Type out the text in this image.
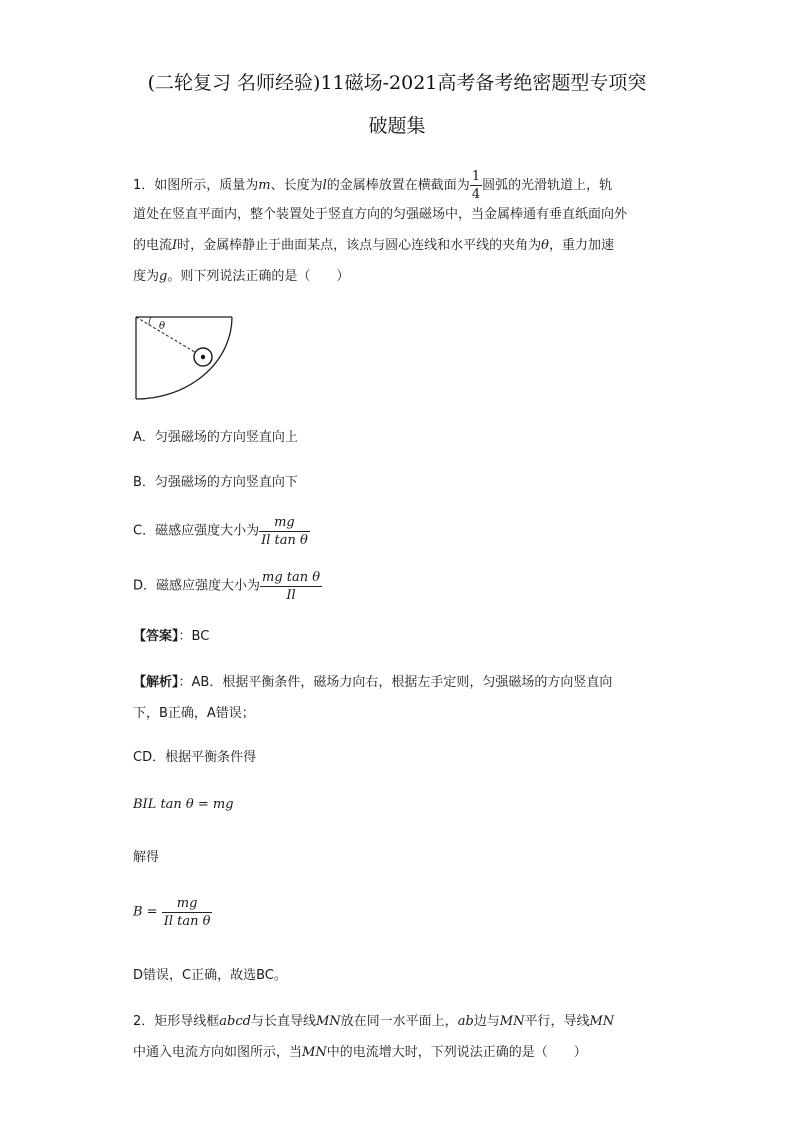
(二轮复习 名师经验)11磁场-2021高考备考绝密题型专项突
破题集
1．如图所示，质量为m、长度为l的金属棒放置在横截面为 $\frac{1}{4}$ 圆弧的光滑轨道上，轨
道处在竖直平面内，整个装置处于竖直方向的匀强磁场中，当金属棒通有垂直纸面向外
的电流I时，金属棒静止于曲面某点，该点与圆心连线和水平线的夹角为θ，重力加速
度为g。则下列说法正确的是（　　）
θ
A．匀强磁场的方向竖直向上
B．匀强磁场的方向竖直向下
C．磁感应强度大小为 $\frac{mg}{\text{Il tan θ}}$
D．磁感应强度大小为 $\frac{\text{mg tan θ}}{Il}$
【答案】：BC
【解析】：AB．根据平衡条件，磁场力向右，根据左手定则，匀强磁场的方向竖直向
下，B正确，A错误；
CD．根据平衡条件得
BIL tan θ = mg
解得
$B = \frac{mg}{\text{Il tan θ}}$
D错误，C正确，故选BC。
2．矩形导线框abcd与长直导线MN放在同一水平面上，ab边与MN平行，导线MN
中通入电流方向如图所示，当MN中的电流增大时，下列说法正确的是（　　）
